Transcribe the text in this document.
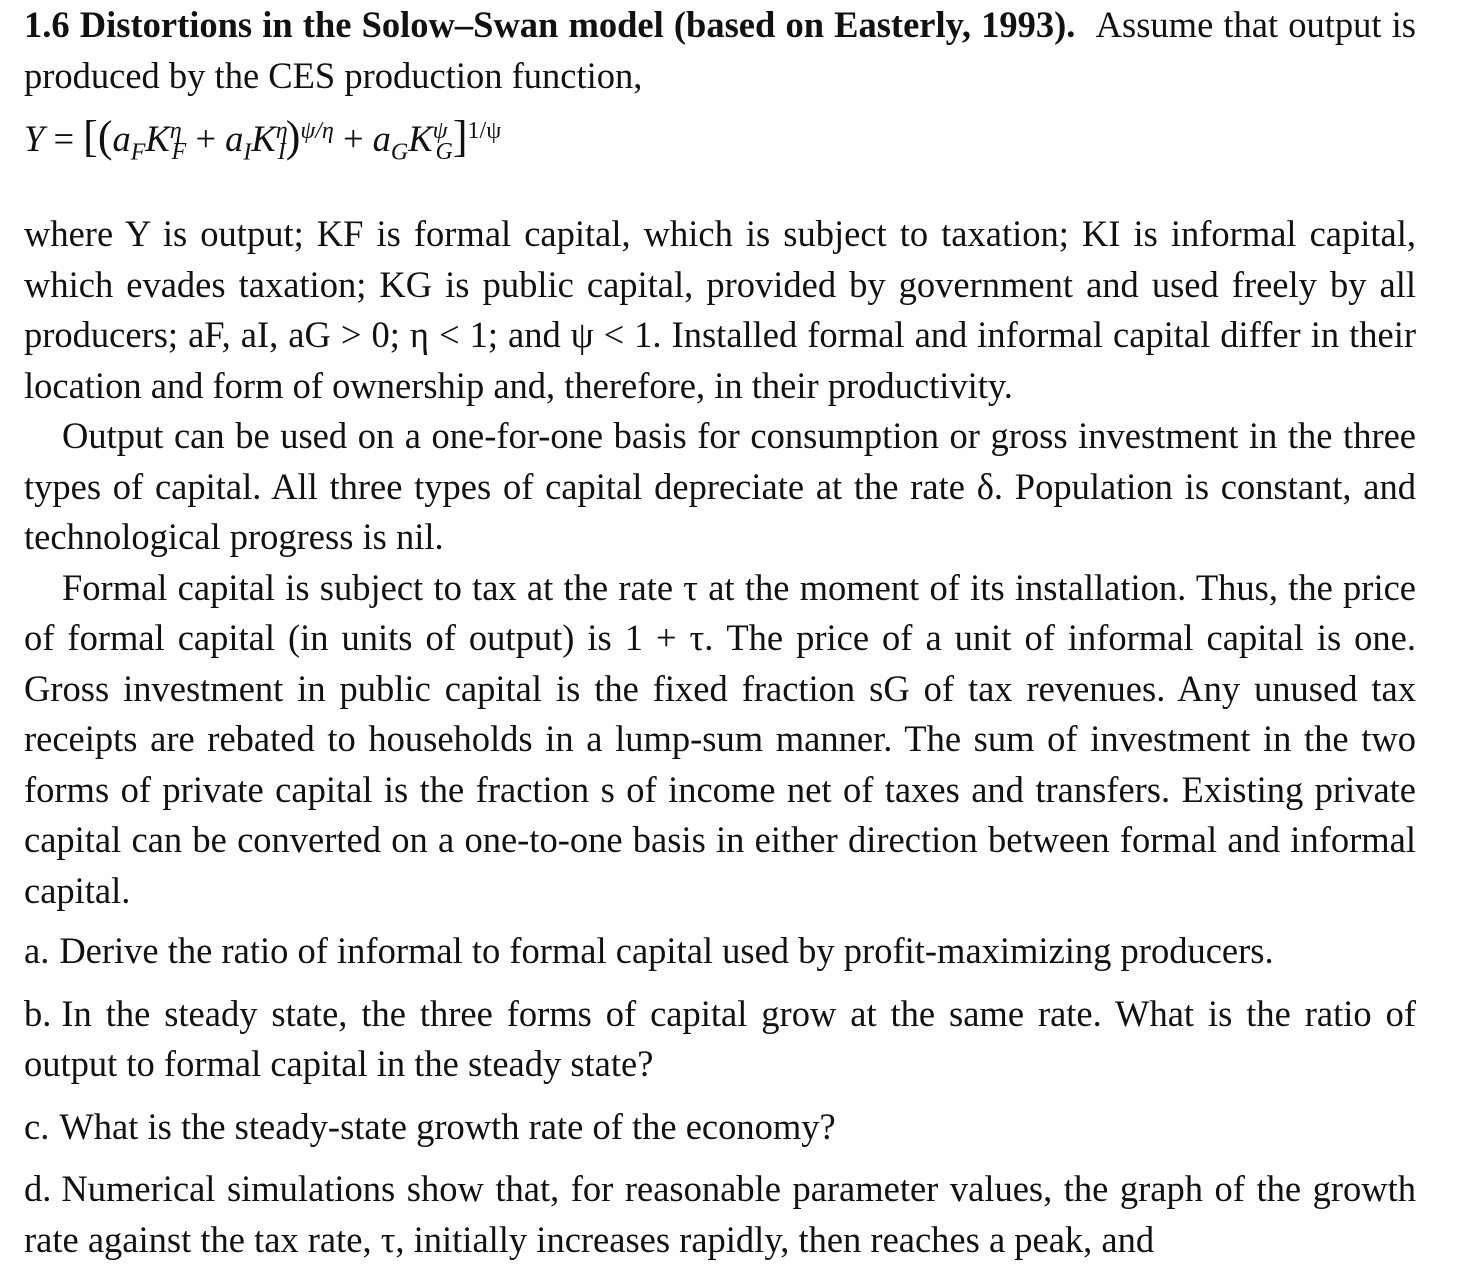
1.6 Distortions in the Solow–Swan model (based on Easterly, 1993). Assume that output is produced by the CES production function,

$Y = [(a_FK^\eta_F + a_IK^\eta_I)^{\psi/\eta} + a_GK^\psi_G]^{1/\psi}$

where Y is output; KF is formal capital, which is subject to taxation; KI is informal capital, which evades taxation; KG is public capital, provided by government and used freely by all producers; aF, aI, aG > 0; η < 1; and ψ < 1. Installed formal and informal capital differ in their location and form of ownership and, therefore, in their productivity.

Output can be used on a one-for-one basis for consumption or gross investment in the three types of capital. All three types of capital depreciate at the rate δ. Population is constant, and technological progress is nil.

Formal capital is subject to tax at the rate τ at the moment of its installation. Thus, the price of formal capital (in units of output) is 1 + τ. The price of a unit of informal capital is one. Gross investment in public capital is the fixed fraction sG of tax revenues. Any unused tax receipts are rebated to households in a lump-sum manner. The sum of investment in the two forms of private capital is the fraction s of income net of taxes and transfers. Existing private capital can be converted on a one-to-one basis in either direction between formal and informal capital.

a. Derive the ratio of informal to formal capital used by profit-maximizing producers.

b. In the steady state, the three forms of capital grow at the same rate. What is the ratio of output to formal capital in the steady state?

c. What is the steady-state growth rate of the economy?

d. Numerical simulations show that, for reasonable parameter values, the graph of the growth rate against the tax rate, τ, initially increases rapidly, then reaches a peak, and
